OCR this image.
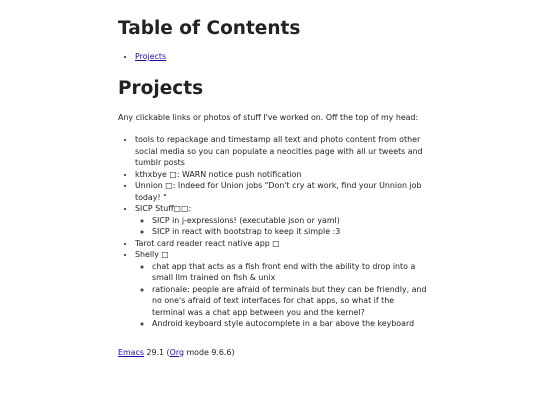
Table of Contents
• Projects
Projects

Any clickable links or photos of stuff I've worked on. Off the top of my head:

• tools to repackage and timestamp all text and photo content from other social media so you can populate a neocities page with all ur tweets and tumblr posts
• kthxbye □: WARN notice push notification
• Unnion □: Indeed for Union jobs "Don't cry at work, find your Unnion job today! "
• SICP Stuff□□:
◦ SICP in j-expressions! (executable json or yaml)
◦ SICP in react with bootstrap to keep it simple :3
• Tarot card reader react native app □
• Shelly □
◦ chat app that acts as a fish front end with the ability to drop into a small llm trained on fish & unix
◦ rationale: people are afraid of terminals but they can be friendly, and no one's afraid of text interfaces for chat apps, so what if the terminal was a chat app between you and the kernel?
◦ Android keyboard style autocomplete in a bar above the keyboard
Emacs 29.1 (Org mode 9.6.6)
